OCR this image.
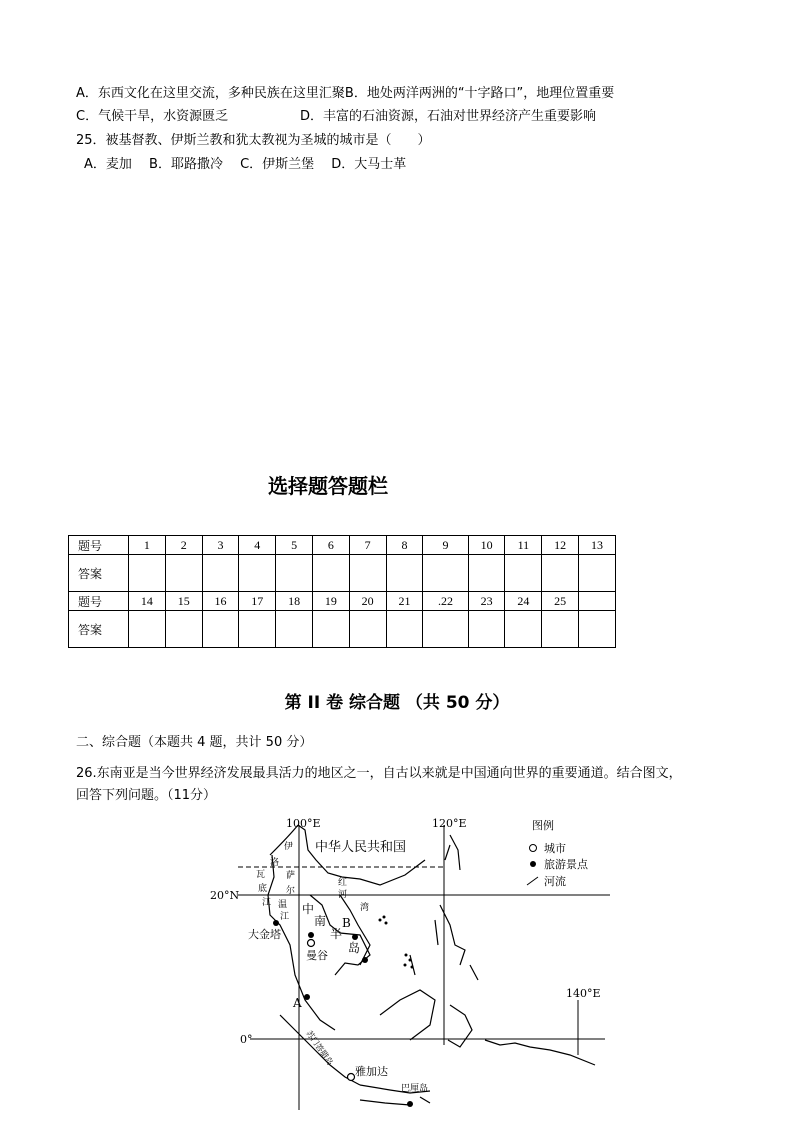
A．东西文化在这里交流，多种民族在这里汇聚B．地处两洋两洲的“十字路口”，地理位置重要
C．气候干旱，水资源匮乏	D．丰富的石油资源，石油对世界经济产生重要影响
25．被基督教、伊斯兰教和犹太教视为圣城的城市是（　　）
A．麦加　 B．耶路撒冷　 C．伊斯兰堡　 D．大马士革
选择题答题栏
题号	1	2	3	4	5	6	7	8	9	10	11	12	13
答案													
题号	14	15	16	17	18	19	20	21	.22	23	24	25	
答案													
第 II 卷 综合题 （共 50 分）
二、综合题（本题共 4 题，共计 50 分）
26.东南亚是当今世界经济发展最具活力的地区之一，自古以来就是中国通向世界的重要通道。结合图文，
回答下列问题。（11分）
100°E	120°E
140°E
20°N
0°
中华人民共和国
图例
城市
旅游景点
河流
伊
洛
瓦
底
江
萨
尔
温
江
红
河
湾
中
南
半
岛
B
A
大金塔
曼谷
雅加达
巴厘岛
苏门答腊岛
